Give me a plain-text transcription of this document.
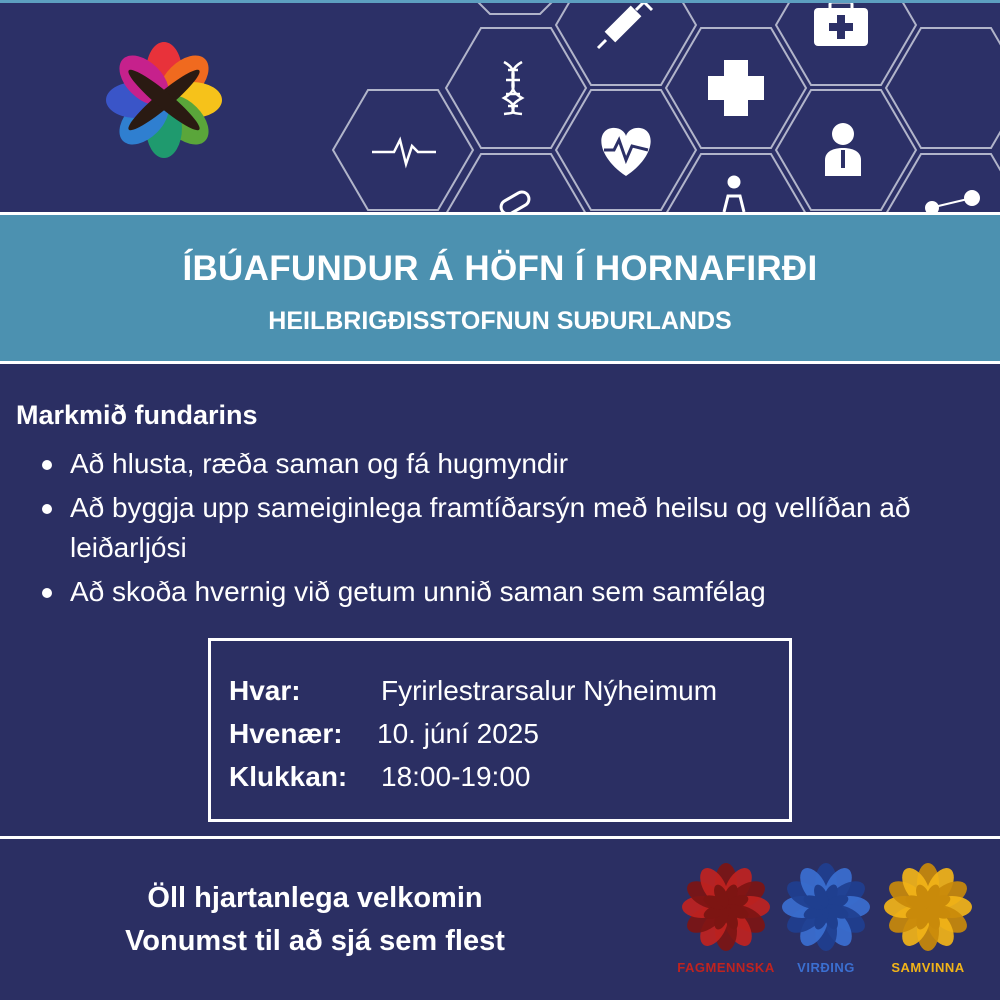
ÍBÚAFUNDUR Á HÖFN Í HORNAFIRÐI
HEILBRIGÐISSTOFNUN SUÐURLANDS
Markmið fundarins
Að hlusta, ræða saman og fá hugmyndir
Að byggja upp sameiginlega framtíðarsýn með heilsu og vellíðan að leiðarljósi
Að skoða hvernig við getum unnið saman sem samfélag
Hvar:	Fyrirlestrarsalur Nýheimum
Hvenær: 10. júní 2025
Klukkan: 18:00-19:00
Öll hjartanlega velkomin
Vonumst til að sjá sem flest
FAGMENNSKA	VIRÐING	SAMVINNA
